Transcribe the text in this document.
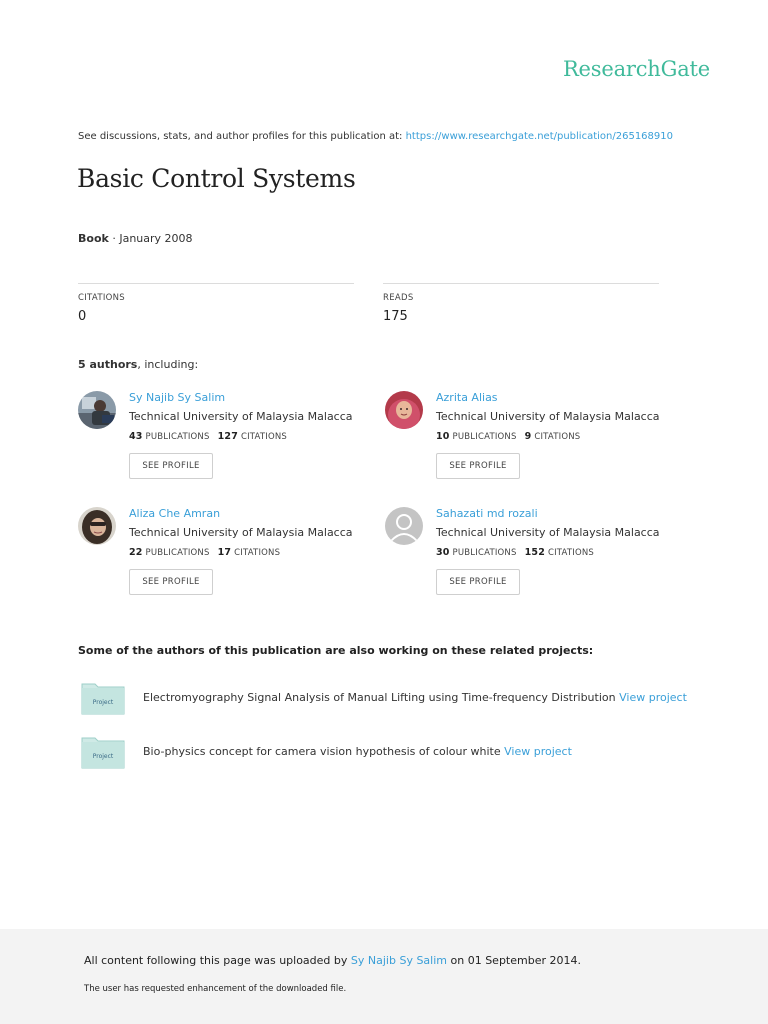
ResearchGate
See discussions, stats, and author profiles for this publication at: https://www.researchgate.net/publication/265168910
Basic Control Systems
Book · January 2008
CITATIONS
0
READS
175
5 authors, including:
Sy Najib Sy Salim
Technical University of Malaysia Malacca
43 PUBLICATIONS 127 CITATIONS
SEE PROFILE
Azrita Alias
Technical University of Malaysia Malacca
10 PUBLICATIONS 9 CITATIONS
SEE PROFILE
Aliza Che Amran
Technical University of Malaysia Malacca
22 PUBLICATIONS 17 CITATIONS
SEE PROFILE
Sahazati md rozali
Technical University of Malaysia Malacca
30 PUBLICATIONS 152 CITATIONS
SEE PROFILE
Some of the authors of this publication are also working on these related projects:
Project	Electromyography Signal Analysis of Manual Lifting using Time-frequency Distribution View project
Project	Bio-physics concept for camera vision hypothesis of colour white View project
All content following this page was uploaded by Sy Najib Sy Salim on 01 September 2014.
The user has requested enhancement of the downloaded file.
